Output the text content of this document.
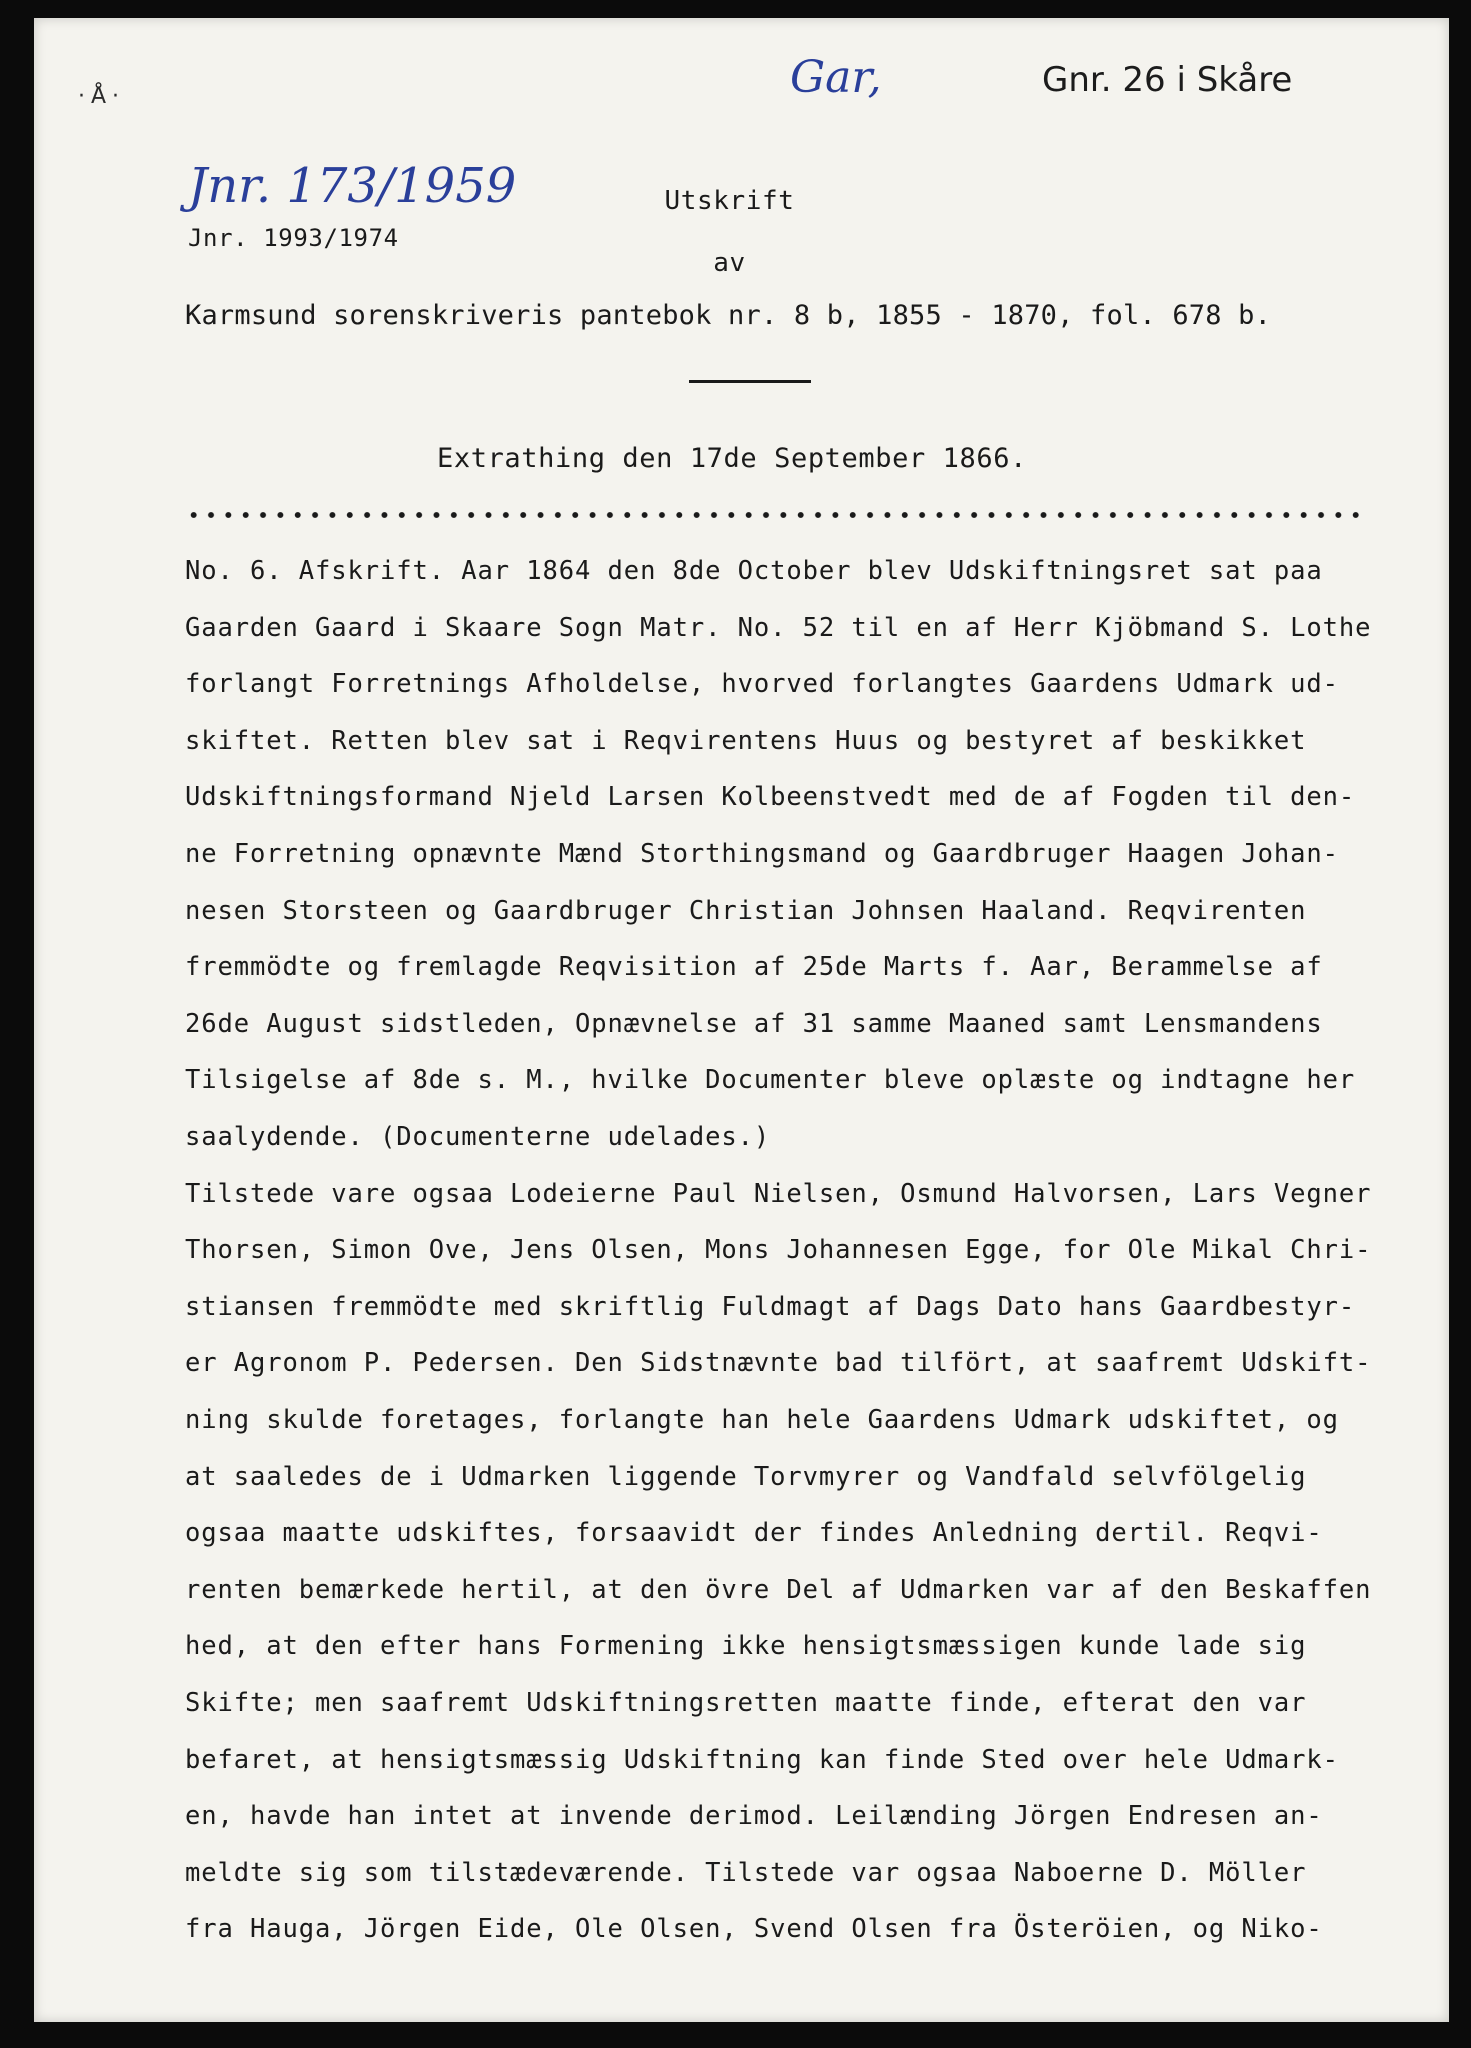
·Å·	Gar,	Gnr. 26 i Skåre
Jnr. 173/1959
Jnr. 1993/1974
Utskrift
av
Karmsund sorenskriveris pantebok nr. 8 b, 1855 - 1870, fol. 678 b.
Extrathing den 17de September 1866.
No. 6. Afskrift. Aar 1864 den 8de October blev Udskiftningsret sat paa
Gaarden Gaard i Skaare Sogn Matr. No. 52 til en af Herr Kjöbmand S. Lothe
forlangt Forretnings Afholdelse, hvorved forlangtes Gaardens Udmark ud-
skiftet. Retten blev sat i Reqvirentens Huus og bestyret af beskikket
Udskiftningsformand Njeld Larsen Kolbeenstvedt med de af Fogden til den-
ne Forretning opnævnte Mænd Storthingsmand og Gaardbruger Haagen Johan-
nesen Storsteen og Gaardbruger Christian Johnsen Haaland. Reqvirenten
fremmödte og fremlagde Reqvisition af 25de Marts f. Aar, Berammelse af
26de August sidstleden, Opnævnelse af 31 samme Maaned samt Lensmandens
Tilsigelse af 8de s. M., hvilke Documenter bleve oplæste og indtagne her
saalydende. (Documenterne udelades.)
Tilstede vare ogsaa Lodeierne Paul Nielsen, Osmund Halvorsen, Lars Vegner
Thorsen, Simon Ove, Jens Olsen, Mons Johannesen Egge, for Ole Mikal Chri-
stiansen fremmödte med skriftlig Fuldmagt af Dags Dato hans Gaardbestyr-
er Agronom P. Pedersen. Den Sidstnævnte bad tilfört, at saafremt Udskift-
ning skulde foretages, forlangte han hele Gaardens Udmark udskiftet, og
at saaledes de i Udmarken liggende Torvmyrer og Vandfald selvfölgelig
ogsaa maatte udskiftes, forsaavidt der findes Anledning dertil. Reqvi-
renten bemærkede hertil, at den övre Del af Udmarken var af den Beskaffen
hed, at den efter hans Formening ikke hensigtsmæssigen kunde lade sig
Skifte; men saafremt Udskiftningsretten maatte finde, efterat den var
befaret, at hensigtsmæssig Udskiftning kan finde Sted over hele Udmark-
en, havde han intet at invende derimod. Leilænding Jörgen Endresen an-
meldte sig som tilstædeværende. Tilstede var ogsaa Naboerne D. Möller
fra Hauga, Jörgen Eide, Ole Olsen, Svend Olsen fra Österöien, og Niko-
